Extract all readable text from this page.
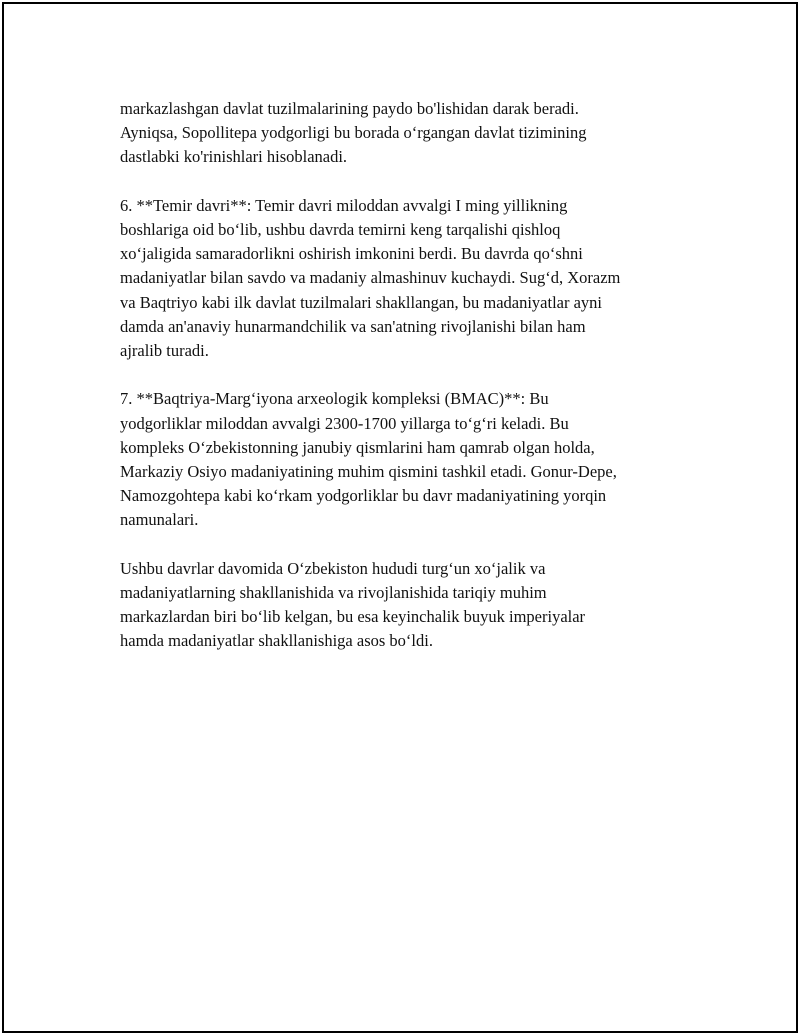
markazlashgan davlat tuzilmalarining paydo bo'lishidan darak beradi.
Ayniqsa, Sopollitepa yodgorligi bu borada o‘rgangan davlat tizimining
dastlabki ko'rinishlari hisoblanadi.

6. **Temir davri**: Temir davri miloddan avvalgi I ming yillikning
boshlariga oid bo‘lib, ushbu davrda temirni keng tarqalishi qishloq
xo‘jaligida samaradorlikni oshirish imkonini berdi. Bu davrda qo‘shni
madaniyatlar bilan savdo va madaniy almashinuv kuchaydi. Sug‘d, Xorazm
va Baqtriyo kabi ilk davlat tuzilmalari shakllangan, bu madaniyatlar ayni
damda an'anaviy hunarmandchilik va san'atning rivojlanishi bilan ham
ajralib turadi.

7. **Baqtriya-Marg‘iyona arxeologik kompleksi (BMAC)**: Bu
yodgorliklar miloddan avvalgi 2300-1700 yillarga to‘g‘ri keladi. Bu
kompleks O‘zbekistonning janubiy qismlarini ham qamrab olgan holda,
Markaziy Osiyo madaniyatining muhim qismini tashkil etadi. Gonur-Depe,
Namozgohtepa kabi ko‘rkam yodgorliklar bu davr madaniyatining yorqin
namunalari.

Ushbu davrlar davomida O‘zbekiston hududi turg‘un xo‘jalik va
madaniyatlarning shakllanishida va rivojlanishida tariqiy muhim
markazlardan biri bo‘lib kelgan, bu esa keyinchalik buyuk imperiyalar
hamda madaniyatlar shakllanishiga asos bo‘ldi.
